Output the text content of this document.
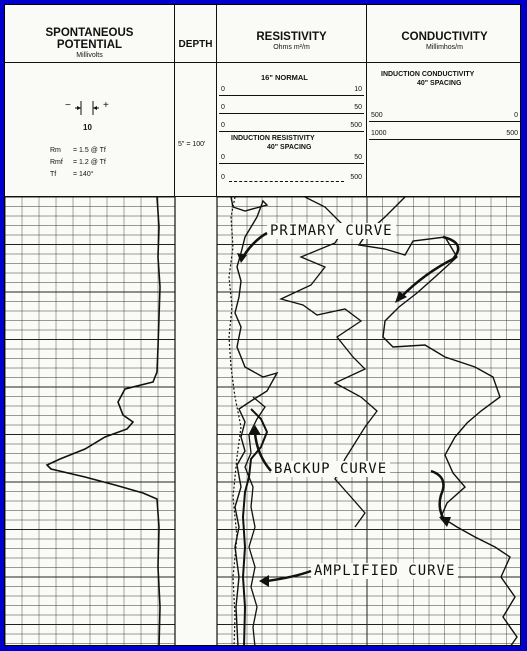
SPONTANEOUS
POTENTIAL
Millivolts
DEPTH
RESISTIVITY
Ohms m²/m
CONDUCTIVITY
Millimhos/m
−	+
10
Rm = 1.5 @ Tf
Rmf = 1.2 @ Tf
Tf = 140°
5" = 100'
16" NORMAL
0	10
0	50
0	500
INDUCTION RESISTIVITY
40" SPACING
0	50
0	500
INDUCTION CONDUCTIVITY
40" SPACING
500	0
1000	500
PRIMARY CURVE
BACKUP CURVE
AMPLIFIED CURVE
